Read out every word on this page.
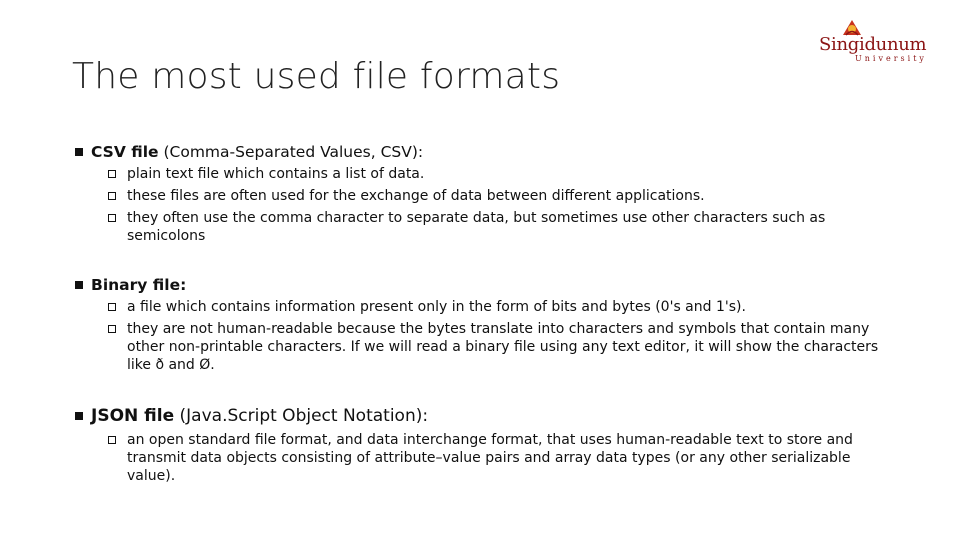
The most used file formats
Singidunum
University
CSV file (Comma-Separated Values, CSV):
plain text file which contains a list of data.
these files are often used for the exchange of data between different applications.
they often use the comma character to separate data, but sometimes use other characters such as semicolons
Binary file:
a file which contains information present only in the form of bits and bytes (0's and 1's).
they are not human-readable because the bytes translate into characters and symbols that contain many other non-printable characters. If we will read a binary file using any text editor, it will show the characters like ð and Ø.
JSON file (Java.Script Object Notation):
an open standard file format, and data interchange format, that uses human-readable text to store and transmit data objects consisting of attribute–value pairs and array data types (or any other serializable value).
